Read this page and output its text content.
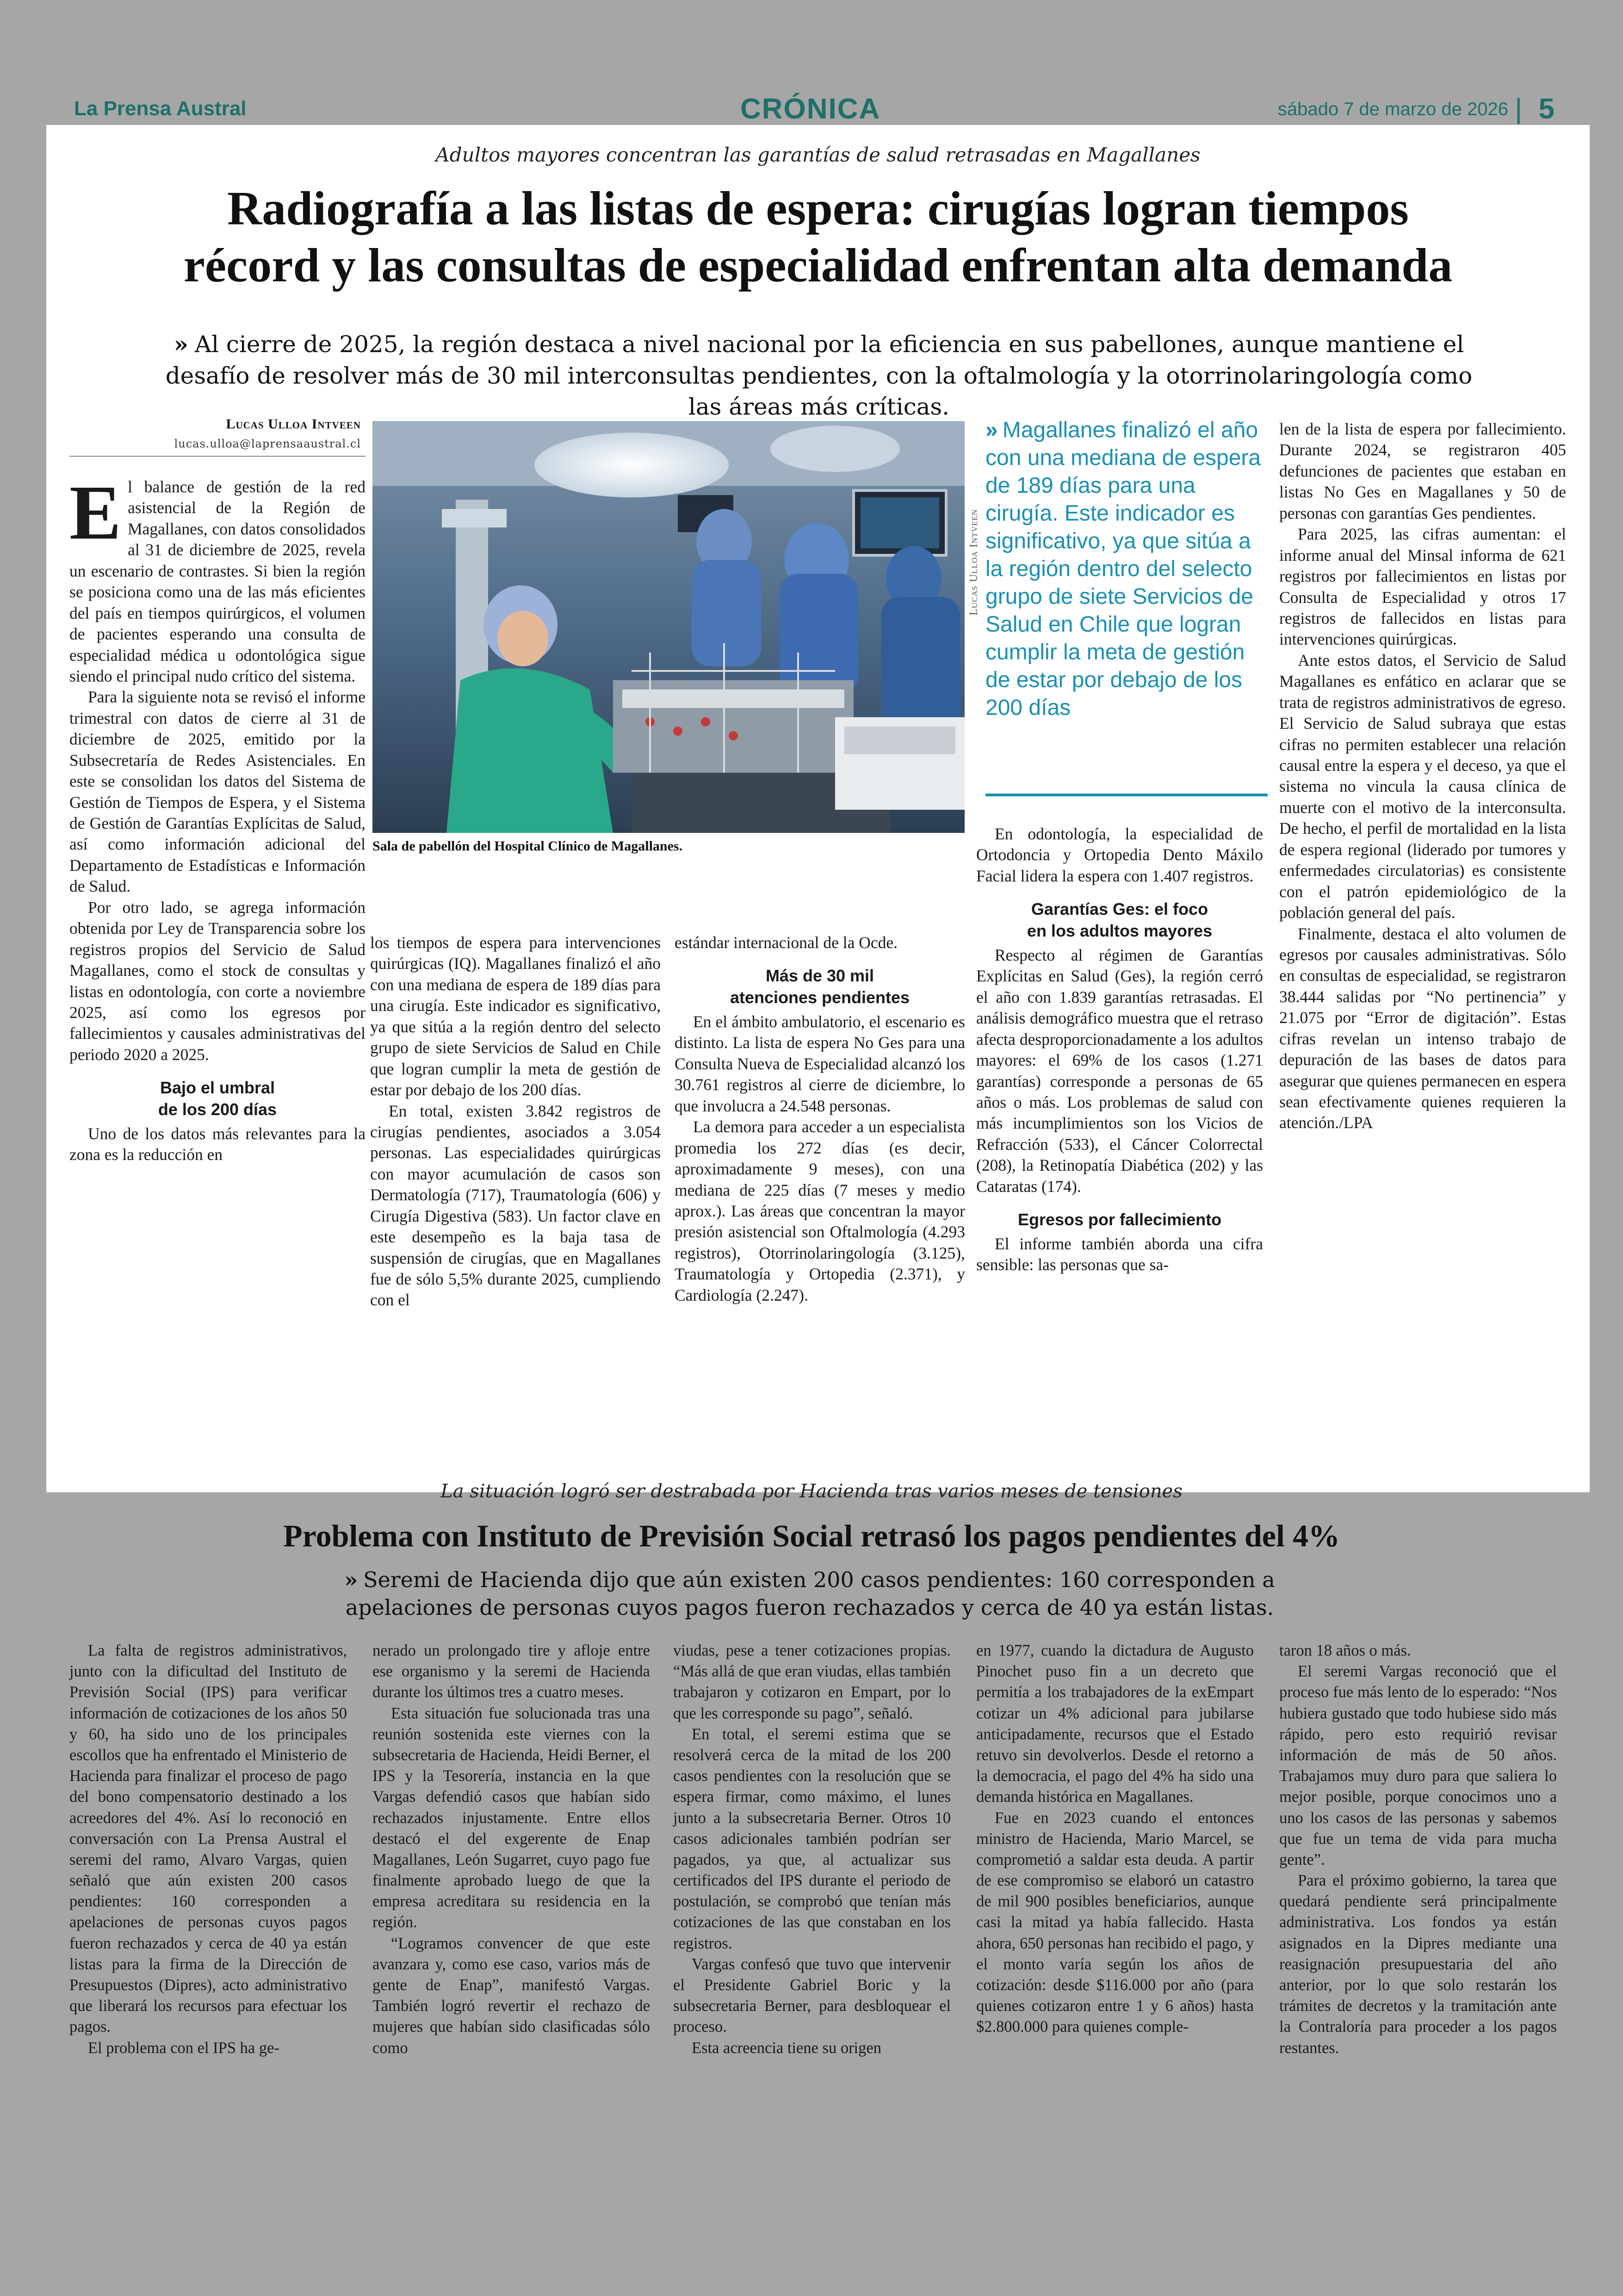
La Prensa Austral	CRÓNICA	sábado 7 de marzo de 2026 | 5
Adultos mayores concentran las garantías de salud retrasadas en Magallanes
Radiografía a las listas de espera: cirugías logran tiempos
récord y las consultas de especialidad enfrentan alta demanda
» Al cierre de 2025, la región destaca a nivel nacional por la eficiencia en sus pabellones, aunque mantiene el desafío de resolver más de 30 mil interconsultas pendientes, con la oftalmología y la otorrinolaringología como las áreas más críticas.
Lucas Ulloa Intveen
lucas.ulloa@laprensaaustral.cl

El balance de gestión de la red asistencial de la Región de Magallanes, con datos consolidados al 31 de diciembre de 2025, revela un escenario de contrastes. Si bien la región se posiciona como una de las más eficientes del país en tiempos quirúrgicos, el volumen de pacientes esperando una consulta de especialidad médica u odontológica sigue siendo el principal nudo crítico del sistema.

Para la siguiente nota se revisó el informe trimestral con datos de cierre al 31 de diciembre de 2025, emitido por la Subsecretaría de Redes Asistenciales. En este se consolidan los datos del Sistema de Gestión de Tiempos de Espera, y el Sistema de Gestión de Garantías Explícitas de Salud, así como información adicional del Departamento de Estadísticas e Información de Salud.

Por otro lado, se agrega información obtenida por Ley de Transparencia sobre los registros propios del Servicio de Salud Magallanes, como el stock de consultas y listas en odontología, con corte a noviembre 2025, así como los egresos por fallecimientos y causales administrativas del periodo 2020 a 2025.

Bajo el umbral
de los 200 días

Uno de los datos más relevantes para la zona es la reducción en

Lucas Ulloa Intveen
Sala de pabellón del Hospital Clínico de Magallanes.
» Magallanes finalizó el año con una mediana de espera de 189 días para una cirugía. Este indicador es significativo, ya que sitúa a la región dentro del selecto grupo de siete Servicios de Salud en Chile que logran cumplir la meta de gestión de estar por debajo de los 200 días

los tiempos de espera para intervenciones quirúrgicas (IQ). Magallanes finalizó el año con una mediana de espera de 189 días para una cirugía. Este indicador es significativo, ya que sitúa a la región dentro del selecto grupo de siete Servicios de Salud en Chile que logran cumplir la meta de gestión de estar por debajo de los 200 días.

En total, existen 3.842 registros de cirugías pendientes, asociados a 3.054 personas. Las especialidades quirúrgicas con mayor acumulación de casos son Dermatología (717), Traumatología (606) y Cirugía Digestiva (583). Un factor clave en este desempeño es la baja tasa de suspensión de cirugías, que en Magallanes fue de sólo 5,5% durante 2025, cumpliendo con el

estándar internacional de la Ocde.

Más de 30 mil
atenciones pendientes

En el ámbito ambulatorio, el escenario es distinto. La lista de espera No Ges para una Consulta Nueva de Especialidad alcanzó los 30.761 registros al cierre de diciembre, lo que involucra a 24.548 personas.

La demora para acceder a un especialista promedia los 272 días (es decir, aproximadamente 9 meses), con una mediana de 225 días (7 meses y medio aprox.). Las áreas que concentran la mayor presión asistencial son Oftalmología (4.293 registros), Otorrinolaringología (3.125), Traumatología y Ortopedia (2.371), y Cardiología (2.247).

En odontología, la especialidad de Ortodoncia y Ortopedia Dento Máxilo Facial lidera la espera con 1.407 registros.

Garantías Ges: el foco
en los adultos mayores

Respecto al régimen de Garantías Explícitas en Salud (Ges), la región cerró el año con 1.839 garantías retrasadas. El análisis demográfico muestra que el retraso afecta desproporcionadamente a los adultos mayores: el 69% de los casos (1.271 garantías) corresponde a personas de 65 años o más. Los problemas de salud con más incumplimientos son los Vicios de Refracción (533), el Cáncer Colorrectal (208), la Retinopatía Diabética (202) y las Cataratas (174).

Egresos por fallecimiento

El informe también aborda una cifra sensible: las personas que sa-

len de la lista de espera por fallecimiento. Durante 2024, se registraron 405 defunciones de pacientes que estaban en listas No Ges en Magallanes y 50 de personas con garantías Ges pendientes.

Para 2025, las cifras aumentan: el informe anual del Minsal informa de 621 registros por fallecimientos en listas por Consulta de Especialidad y otros 17 registros de fallecidos en listas para intervenciones quirúrgicas.

Ante estos datos, el Servicio de Salud Magallanes es enfático en aclarar que se trata de registros administrativos de egreso. El Servicio de Salud subraya que estas cifras no permiten establecer una relación causal entre la espera y el deceso, ya que el sistema no vincula la causa clínica de muerte con el motivo de la interconsulta. De hecho, el perfil de mortalidad en la lista de espera regional (liderado por tumores y enfermedades circulatorias) es consistente con el patrón epidemiológico de la población general del país.

Finalmente, destaca el alto volumen de egresos por causales administrativas. Sólo en consultas de especialidad, se registraron 38.444 salidas por “No pertinencia” y 21.075 por “Error de digitación”. Estas cifras revelan un intenso trabajo de depuración de las bases de datos para asegurar que quienes permanecen en espera sean efectivamente quienes requieren la atención./LPA

La situación logró ser destrabada por Hacienda tras varios meses de tensiones
Problema con Instituto de Previsión Social retrasó los pagos pendientes del 4%
» Seremi de Hacienda dijo que aún existen 200 casos pendientes: 160 corresponden a apelaciones de personas cuyos pagos fueron rechazados y cerca de 40 ya están listas.

La falta de registros administrativos, junto con la dificultad del Instituto de Previsión Social (IPS) para verificar información de cotizaciones de los años 50 y 60, ha sido uno de los principales escollos que ha enfrentado el Ministerio de Hacienda para finalizar el proceso de pago del bono compensatorio destinado a los acreedores del 4%. Así lo reconoció en conversación con La Prensa Austral el seremi del ramo, Alvaro Vargas, quien señaló que aún existen 200 casos pendientes: 160 corresponden a apelaciones de personas cuyos pagos fueron rechazados y cerca de 40 ya están listas para la firma de la Dirección de Presupuestos (Dipres), acto administrativo que liberará los recursos para efectuar los pagos.

El problema con el IPS ha ge-

nerado un prolongado tire y afloje entre ese organismo y la seremi de Hacienda durante los últimos tres a cuatro meses.

Esta situación fue solucionada tras una reunión sostenida este viernes con la subsecretaria de Hacienda, Heidi Berner, el IPS y la Tesorería, instancia en la que Vargas defendió casos que habían sido rechazados injustamente. Entre ellos destacó el del exgerente de Enap Magallanes, León Sugarret, cuyo pago fue finalmente aprobado luego de que la empresa acreditara su residencia en la región.

“Logramos convencer de que este avanzara y, como ese caso, varios más de gente de Enap”, manifestó Vargas. También logró revertir el rechazo de mujeres que habían sido clasificadas sólo como

viudas, pese a tener cotizaciones propias. “Más allá de que eran viudas, ellas también trabajaron y cotizaron en Empart, por lo que les corresponde su pago”, señaló.

En total, el seremi estima que se resolverá cerca de la mitad de los 200 casos pendientes con la resolución que se espera firmar, como máximo, el lunes junto a la subsecretaria Berner. Otros 10 casos adicionales también podrían ser pagados, ya que, al actualizar sus certificados del IPS durante el periodo de postulación, se comprobó que tenían más cotizaciones de las que constaban en los registros.

Vargas confesó que tuvo que intervenir el Presidente Gabriel Boric y la subsecretaria Berner, para desbloquear el proceso.

Esta acreencia tiene su origen

en 1977, cuando la dictadura de Augusto Pinochet puso fin a un decreto que permitía a los trabajadores de la exEmpart cotizar un 4% adicional para jubilarse anticipadamente, recursos que el Estado retuvo sin devolverlos. Desde el retorno a la democracia, el pago del 4% ha sido una demanda histórica en Magallanes.

Fue en 2023 cuando el entonces ministro de Hacienda, Mario Marcel, se comprometió a saldar esta deuda. A partir de ese compromiso se elaboró un catastro de mil 900 posibles beneficiarios, aunque casi la mitad ya había fallecido. Hasta ahora, 650 personas han recibido el pago, y el monto varía según los años de cotización: desde $116.000 por año (para quienes cotizaron entre 1 y 6 años) hasta $2.800.000 para quienes comple-

taron 18 años o más.

El seremi Vargas reconoció que el proceso fue más lento de lo esperado: “Nos hubiera gustado que todo hubiese sido más rápido, pero esto requirió revisar información de más de 50 años. Trabajamos muy duro para que saliera lo mejor posible, porque conocimos uno a uno los casos de las personas y sabemos que fue un tema de vida para mucha gente”.

Para el próximo gobierno, la tarea que quedará pendiente será principalmente administrativa. Los fondos ya están asignados en la Dipres mediante una reasignación presupuestaria del año anterior, por lo que solo restarán los trámites de decretos y la tramitación ante la Contraloría para proceder a los pagos restantes.
